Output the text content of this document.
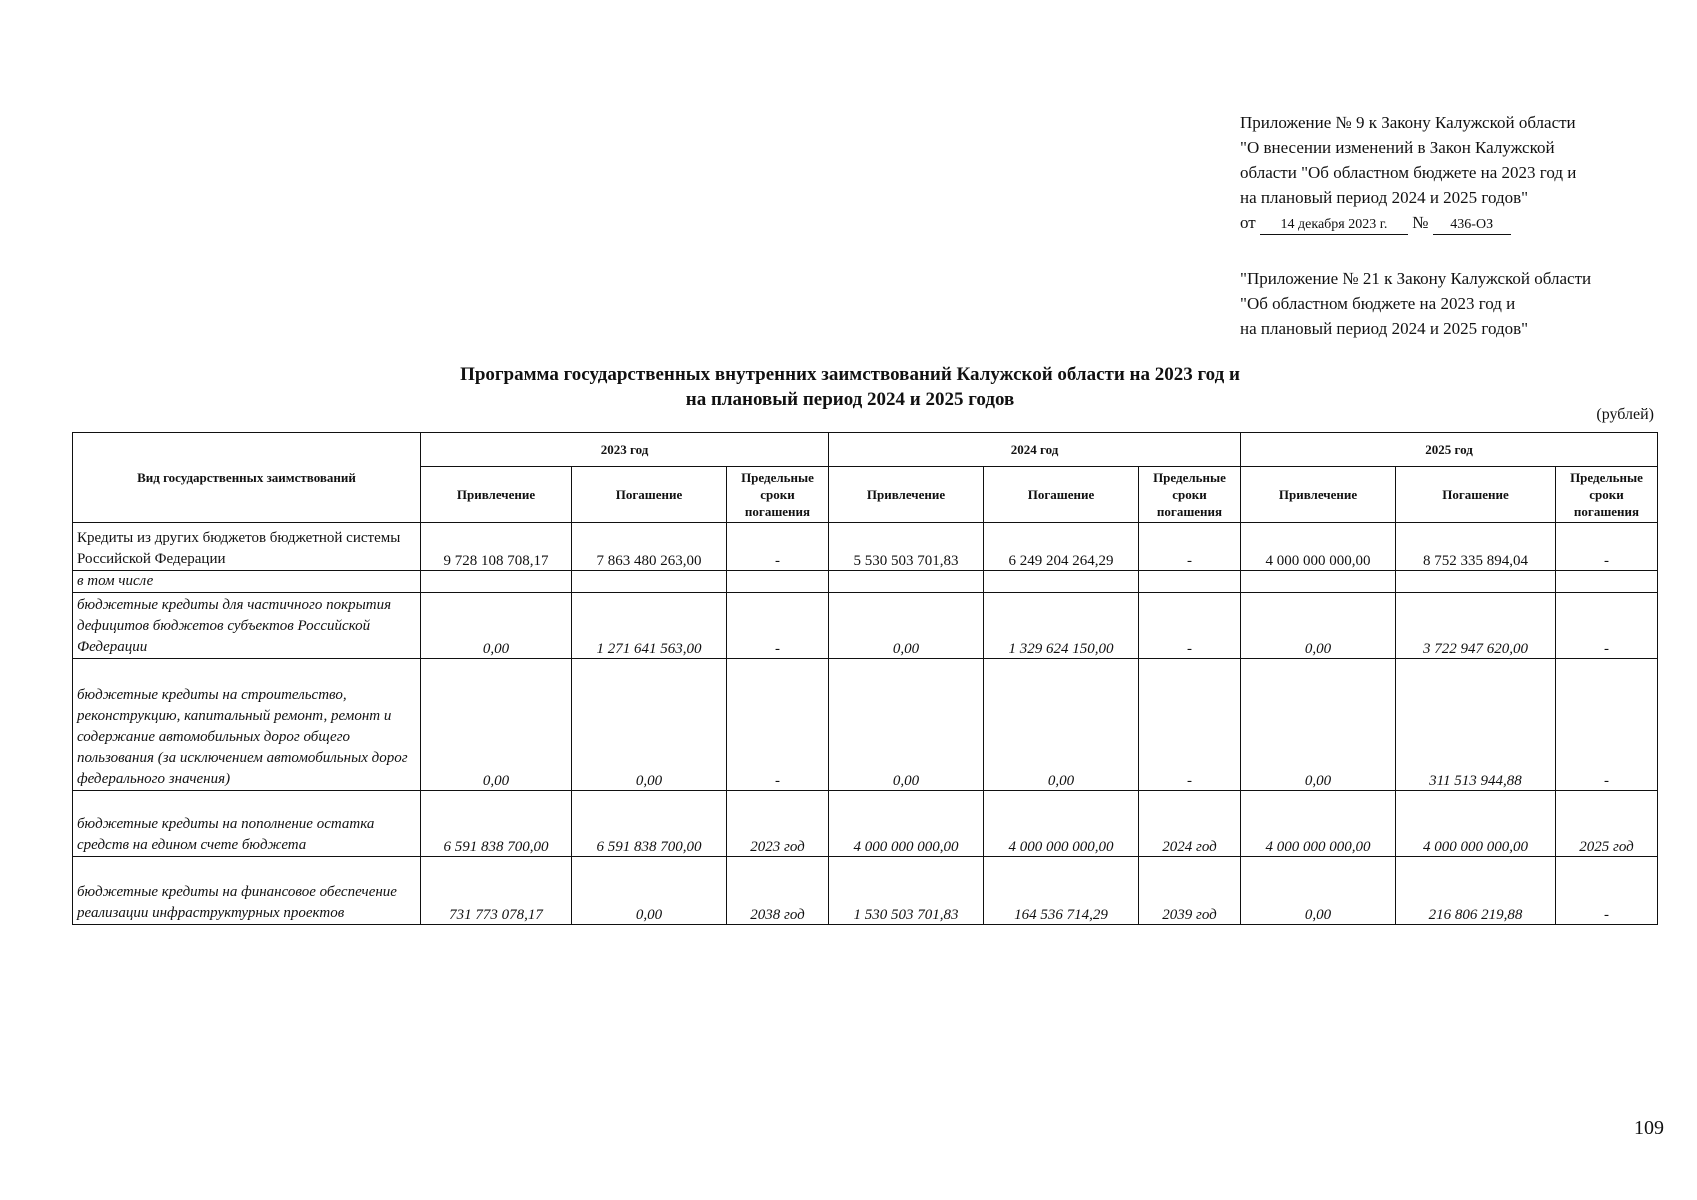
Приложение № 9 к Закону Калужской области
"О внесении изменений в Закон Калужской
области "Об областном бюджете на 2023 год и
на плановый период 2024 и 2025 годов"
от 14 декабря 2023 г. № 436-ОЗ
"Приложение № 21 к Закону Калужской области
"Об областном бюджете на 2023 год и
на плановый период 2024 и 2025 годов"
Программа государственных внутренних заимствований Калужской области на 2023 год и
на плановый период 2024 и 2025 годов
(рублей)
Вид государственных заимствований	2023 год			2024 год			2025 год		
	Привлечение	Погашение	Предельные сроки погашения	Привлечение	Погашение	Предельные сроки погашения	Привлечение	Погашение	Предельные сроки погашения
Кредиты из других бюджетов бюджетной системы Российской Федерации	9 728 108 708,17	7 863 480 263,00	-	5 530 503 701,83	6 249 204 264,29	-	4 000 000 000,00	8 752 335 894,04	-
в том числе									
бюджетные кредиты для частичного покрытия дефицитов бюджетов субъектов Российской Федерации	0,00	1 271 641 563,00	-	0,00	1 329 624 150,00	-	0,00	3 722 947 620,00	-
бюджетные кредиты на строительство, реконструкцию, капитальный ремонт, ремонт и содержание автомобильных дорог общего пользования (за исключением автомобильных дорог федерального значения)	0,00	0,00	-	0,00	0,00	-	0,00	311 513 944,88	-
бюджетные кредиты на пополнение остатка средств на едином счете бюджета	6 591 838 700,00	6 591 838 700,00	2023 год	4 000 000 000,00	4 000 000 000,00	2024 год	4 000 000 000,00	4 000 000 000,00	2025 год
бюджетные кредиты на финансовое обеспечение реализации инфраструктурных проектов	731 773 078,17	0,00	2038 год	1 530 503 701,83	164 536 714,29	2039 год	0,00	216 806 219,88	-
109
